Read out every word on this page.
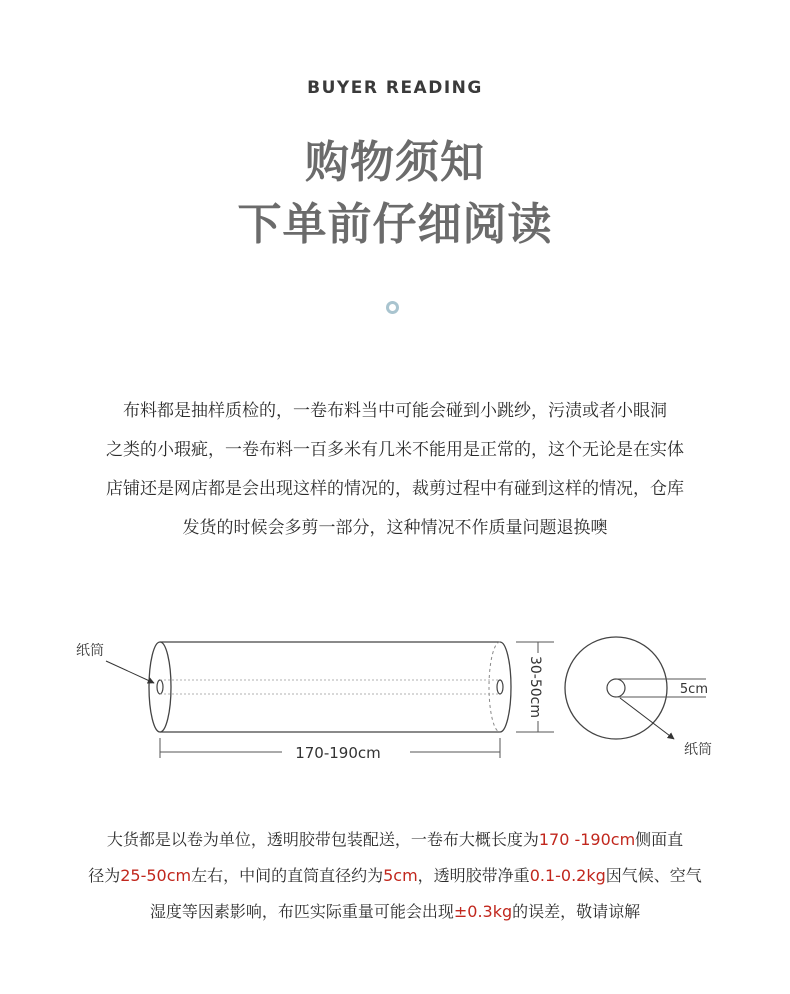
BUYER READING
购物须知
下单前仔细阅读
布料都是抽样质检的，一卷布料当中可能会碰到小跳纱，污渍或者小眼洞
之类的小瑕疵，一卷布料一百多米有几米不能用是正常的，这个无论是在实体
店铺还是网店都是会出现这样的情况的，裁剪过程中有碰到这样的情况，仓库
发货的时候会多剪一部分，这种情况不作质量问题退换噢
纸筒
170-190cm
30-50cm	5cm
纸筒
大货都是以卷为单位，透明胶带包装配送，一卷布大概长度为170 -190cm侧面直
径为25-50cm左右，中间的直筒直径约为5cm，透明胶带净重0.1-0.2kg因气候、空气
湿度等因素影响，布匹实际重量可能会出现±0.3kg的误差，敬请谅解
